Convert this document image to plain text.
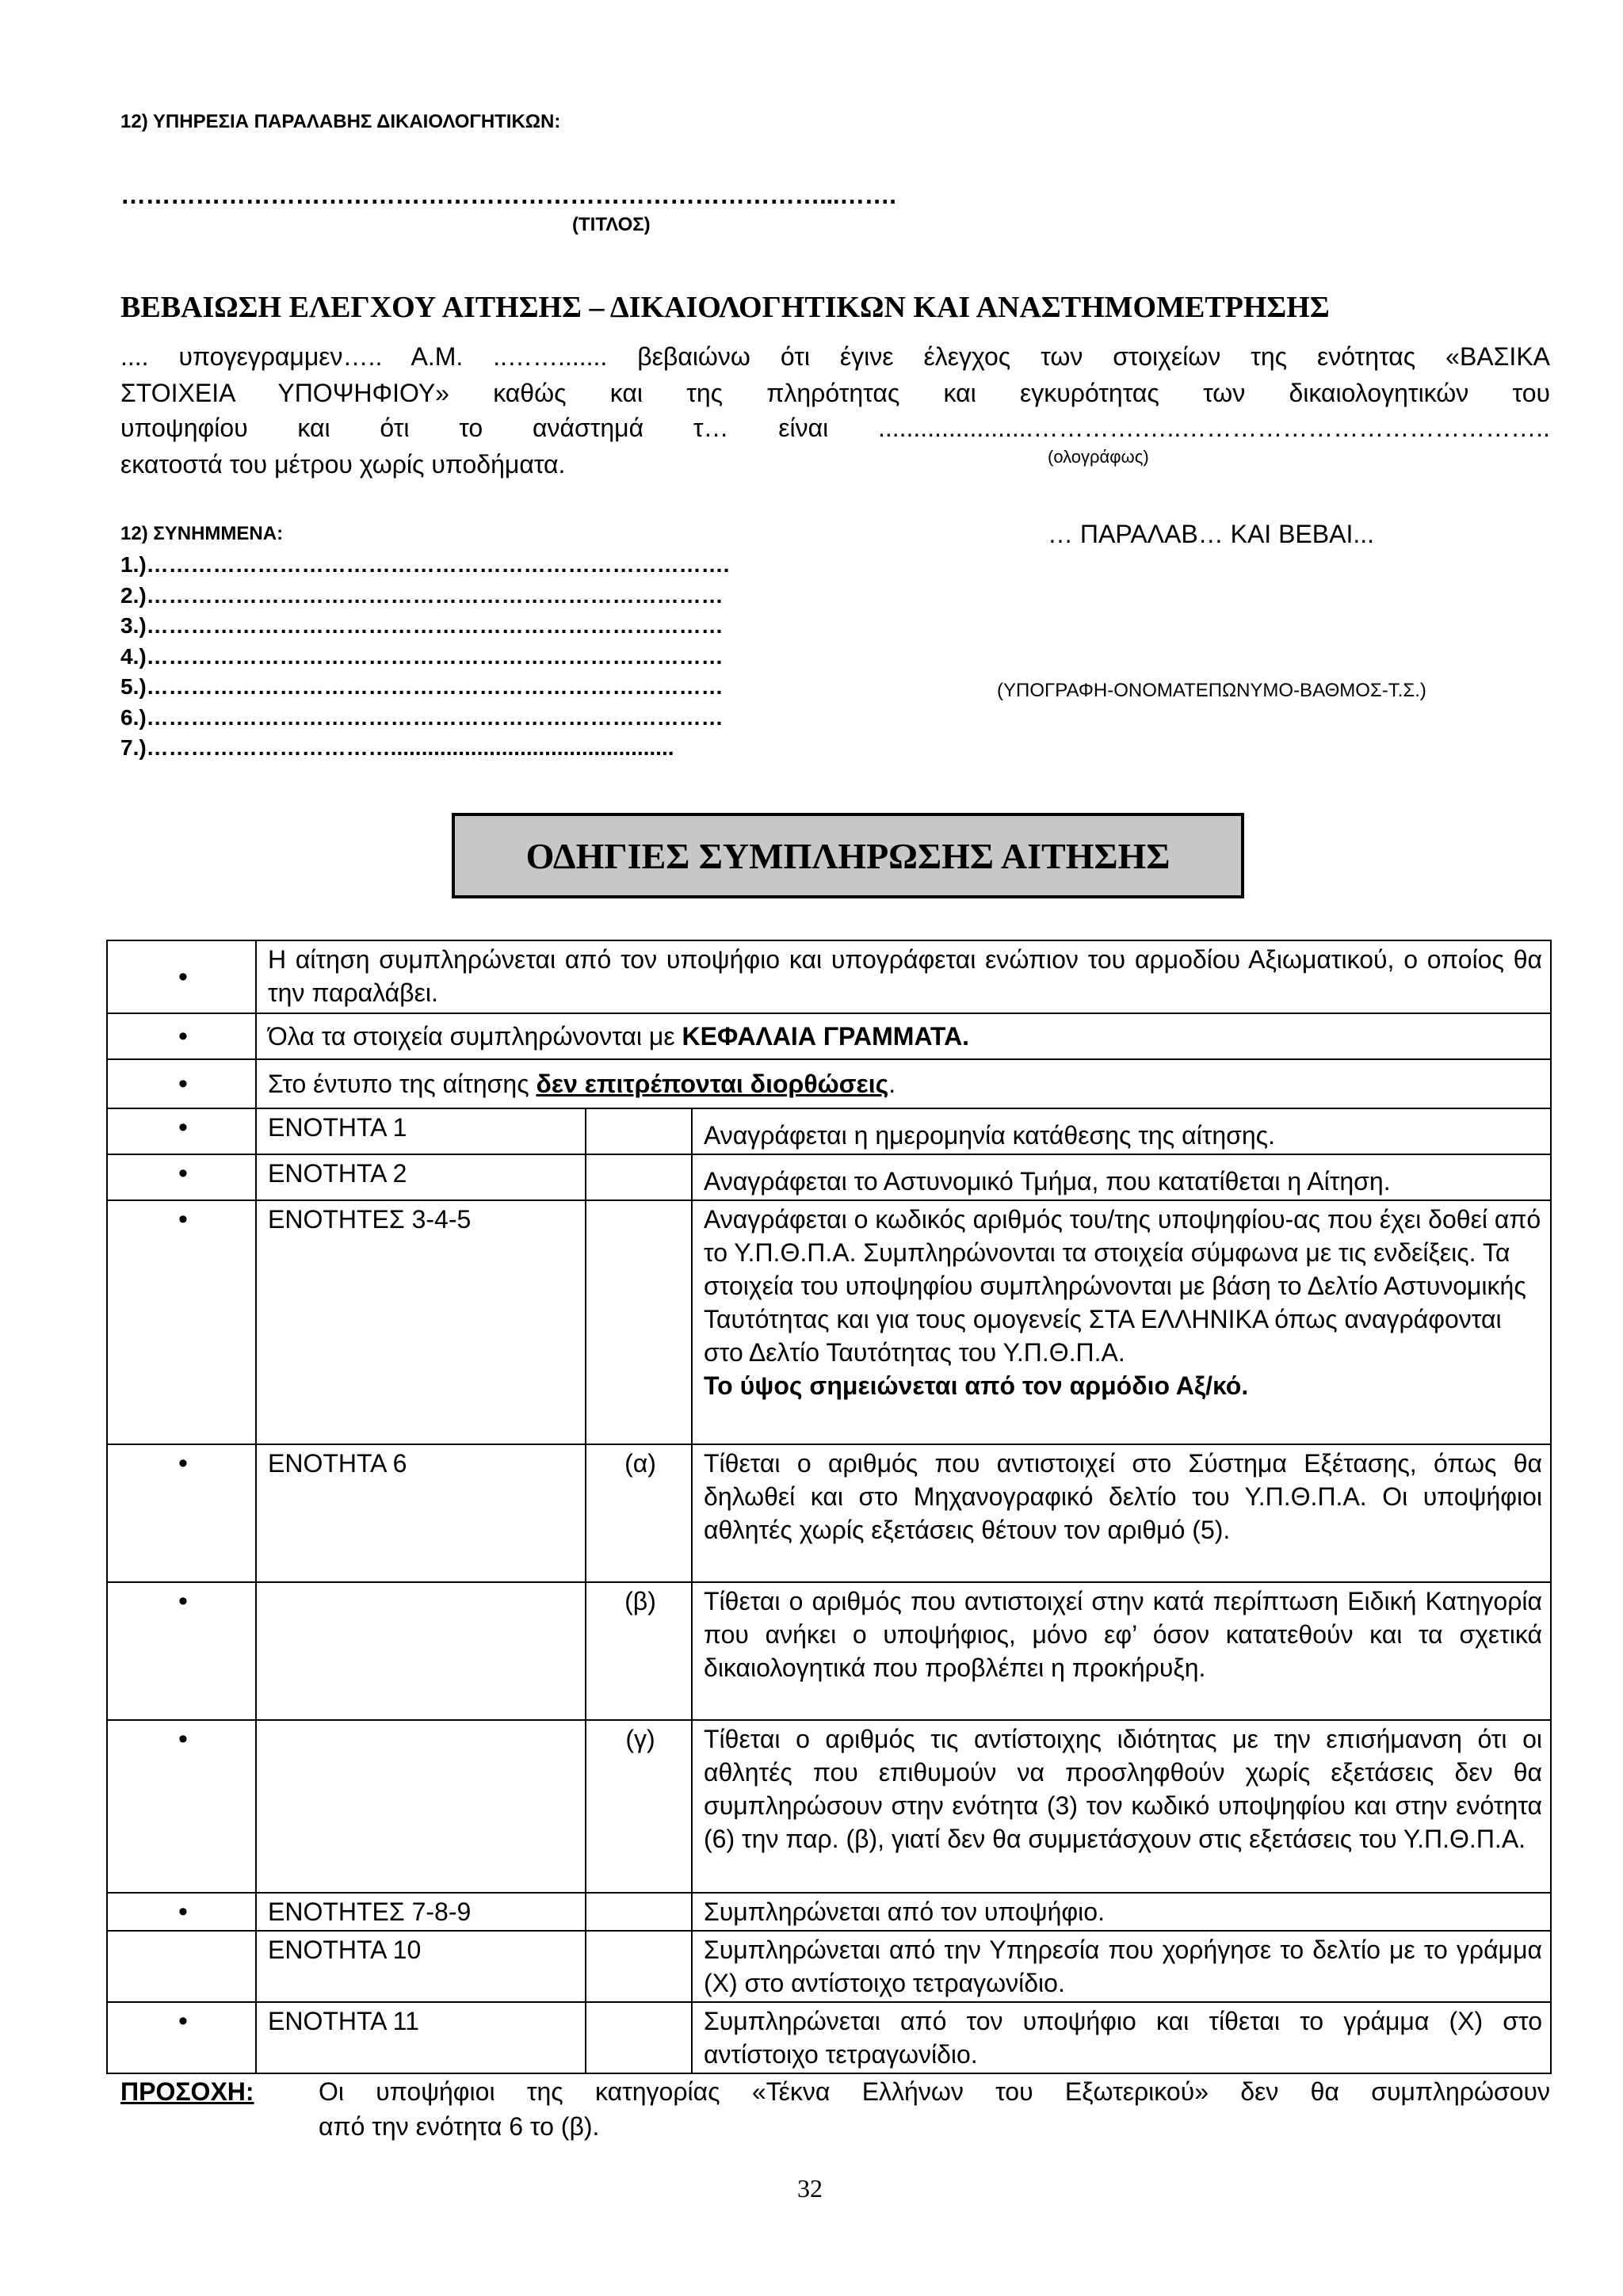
12) ΥΠΗΡΕΣΙΑ ΠΑΡΑΛΑΒΗΣ ΔΙΚΑΙΟΛΟΓΗΤΙΚΩΝ:
…………………………………………………………………………...…….
(ΤΙΤΛΟΣ)
ΒΕΒΑΙΩΣΗ ΕΛΕΓΧΟΥ ΑΙΤΗΣΗΣ – ΔΙΚΑΙΟΛΟΓΗΤΙΚΩΝ ΚΑΙ ΑΝΑΣΤΗΜΟΜΕΤΡΗΣΗΣ
.... υπογεγραμμεν….. Α.Μ. ..……....... βεβαιώνω ότι έγινε έλεγχος των στοιχείων της ενότητας «ΒΑΣΙΚΑ
ΣΤΟΙΧΕΙΑ ΥΠΟΨΗΦΙΟΥ» καθώς και της πληρότητας και εγκυρότητας των δικαιολογητικών του
υποψηφίου και ότι το ανάστημά τ… είναι ......................………….…..……………………………………..
εκατοστά του μέτρου χωρίς υποδήματα.	(ολογράφως)
12) ΣΥΝΗΜΜΕΝΑ:
1.)…………………………………………………………………….
2.)……………………………………………………………………
3.)……………………………………………………………………
4.)……………………………………………………………………
5.)……………………………………………………………………
6.)……………………………………………………………………
7.)……………………………..............................................
… ΠΑΡΑΛΑΒ… ΚΑΙ ΒΕΒΑΙ...
(ΥΠΟΓΡΑΦΗ-ΟΝΟΜΑΤΕΠΩΝΥΜΟ-ΒΑΘΜΟΣ-Τ.Σ.)
ΟΔΗΓΙΕΣ ΣΥΜΠΛΗΡΩΣΗΣ ΑΙΤΗΣΗΣ
•	Η αίτηση συμπληρώνεται από τον υποψήφιο και υπογράφεται ενώπιον του αρμοδίου Αξιωματικού, ο οποίος θα την παραλάβει.		
•	Όλα τα στοιχεία συμπληρώνονται με ΚΕΦΑΛΑΙΑ ΓΡΑΜΜΑΤΑ.		
•	Στο έντυπο της αίτησης δεν επιτρέπονται διορθώσεις.		
•	ΕΝΟΤΗΤΑ 1		Αναγράφεται η ημερομηνία κατάθεσης της αίτησης.
•	ΕΝΟΤΗΤΑ 2		Αναγράφεται το Αστυνομικό Τμήμα, που κατατίθεται η Αίτηση.
•	ΕΝΟΤΗΤΕΣ 3-4-5		Αναγράφεται ο κωδικός αριθμός του/της υποψηφίου-ας που έχει δοθεί από το Υ.Π.Θ.Π.Α. Συμπληρώνονται τα στοιχεία σύμφωνα με τις ενδείξεις. Τα στοιχεία του υποψηφίου συμπληρώνονται με βάση το Δελτίο Αστυνομικής Ταυτότητας και για τους ομογενείς ΣΤΑ ΕΛΛΗΝΙΚΑ όπως αναγράφονται στο Δελτίο Ταυτότητας του Υ.Π.Θ.Π.Α.
Το ύψος σημειώνεται από τον αρμόδιο Αξ/κό.

•	ΕΝΟΤΗΤΑ 6	(α)	Τίθεται ο αριθμός που αντιστοιχεί στο Σύστημα Εξέτασης, όπως θα δηλωθεί και στο Μηχανογραφικό δελτίο του Υ.Π.Θ.Π.Α. Οι υποψήφιοι αθλητές χωρίς εξετάσεις θέτουν τον αριθμό (5).
•		(β)	Τίθεται ο αριθμός που αντιστοιχεί στην κατά περίπτωση Ειδική Κατηγορία που ανήκει ο υποψήφιος, μόνο εφ’ όσον κατατεθούν και τα σχετικά δικαιολογητικά που προβλέπει η προκήρυξη.
•		(γ)	Τίθεται ο αριθμός τις αντίστοιχης ιδιότητας με την επισήμανση ότι οι αθλητές που επιθυμούν να προσληφθούν χωρίς εξετάσεις δεν θα συμπληρώσουν στην ενότητα (3) τον κωδικό υποψηφίου και στην ενότητα (6) την παρ. (β), γιατί δεν θα συμμετάσχουν στις εξετάσεις του Υ.Π.Θ.Π.Α.
•	ΕΝΟΤΗΤΕΣ 7-8-9		Συμπληρώνεται από τον υποψήφιο.
	ΕΝΟΤΗΤΑ 10		Συμπληρώνεται από την Υπηρεσία που χορήγησε το δελτίο με το γράμμα (Χ) στο αντίστοιχο τετραγωνίδιο.
•	ΕΝΟΤΗΤΑ 11		Συμπληρώνεται από τον υποψήφιο και τίθεται το γράμμα (Χ) στο αντίστοιχο τετραγωνίδιο.
ΠΡΟΣΟΧΗ:	Οι υποψήφιοι της κατηγορίας «Τέκνα Ελλήνων του Εξωτερικού» δεν θα συμπληρώσουν
από την ενότητα 6 το (β).
32
